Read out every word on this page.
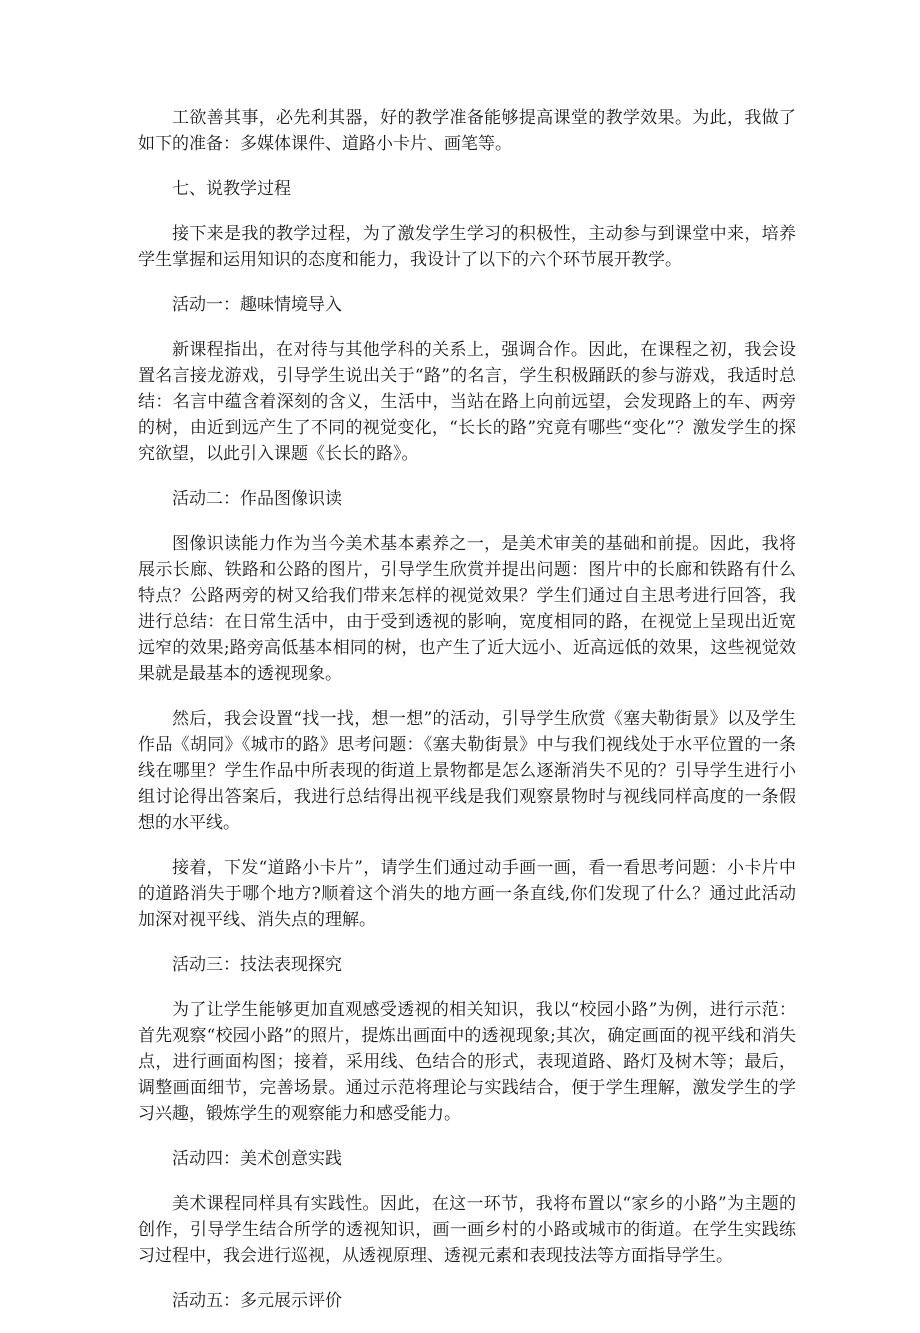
工欲善其事，必先利其器，好的教学准备能够提高课堂的教学效果。为此，我做了如下的准备：多媒体课件、道路小卡片、画笔等。

七、说教学过程

接下来是我的教学过程，为了激发学生学习的积极性，主动参与到课堂中来，培养学生掌握和运用知识的态度和能力，我设计了以下的六个环节展开教学。

活动一：趣味情境导入

新课程指出，在对待与其他学科的关系上，强调合作。因此，在课程之初，我会设置名言接龙游戏，引导学生说出关于“路”的名言，学生积极踊跃的参与游戏，我适时总结：名言中蕴含着深刻的含义，生活中，当站在路上向前远望，会发现路上的车、两旁的树，由近到远产生了不同的视觉变化，“长长的路”究竟有哪些“变化”？激发学生的探究欲望，以此引入课题《长长的路》。

活动二：作品图像识读

图像识读能力作为当今美术基本素养之一，是美术审美的基础和前提。因此，我将展示长廊、铁路和公路的图片，引导学生欣赏并提出问题：图片中的长廊和铁路有什么特点？公路两旁的树又给我们带来怎样的视觉效果？学生们通过自主思考进行回答，我进行总结：在日常生活中，由于受到透视的影响，宽度相同的路，在视觉上呈现出近宽远窄的效果;路旁高低基本相同的树，也产生了近大远小、近高远低的效果，这些视觉效果就是最基本的透视现象。

然后，我会设置“找一找，想一想”的活动，引导学生欣赏《塞夫勒街景》以及学生作品《胡同》《城市的路》思考问题：《塞夫勒街景》中与我们视线处于水平位置的一条线在哪里？学生作品中所表现的街道上景物都是怎么逐渐消失不见的？引导学生进行小组讨论得出答案后，我进行总结得出视平线是我们观察景物时与视线同样高度的一条假想的水平线。

接着，下发“道路小卡片”，请学生们通过动手画一画，看一看思考问题：小卡片中的道路消失于哪个地方?顺着这个消失的地方画一条直线,你们发现了什么？通过此活动加深对视平线、消失点的理解。

活动三：技法表现探究

为了让学生能够更加直观感受透视的相关知识，我以“校园小路”为例，进行示范：首先观察“校园小路”的照片，提炼出画面中的透视现象;其次，确定画面的视平线和消失点，进行画面构图；接着，采用线、色结合的形式，表现道路、路灯及树木等；最后，调整画面细节，完善场景。通过示范将理论与实践结合，便于学生理解，激发学生的学习兴趣，锻炼学生的观察能力和感受能力。

活动四：美术创意实践

美术课程同样具有实践性。因此，在这一环节，我将布置以“家乡的小路”为主题的创作，引导学生结合所学的透视知识，画一画乡村的小路或城市的街道。在学生实践练习过程中，我会进行巡视，从透视原理、透视元素和表现技法等方面指导学生。

活动五：多元展示评价
